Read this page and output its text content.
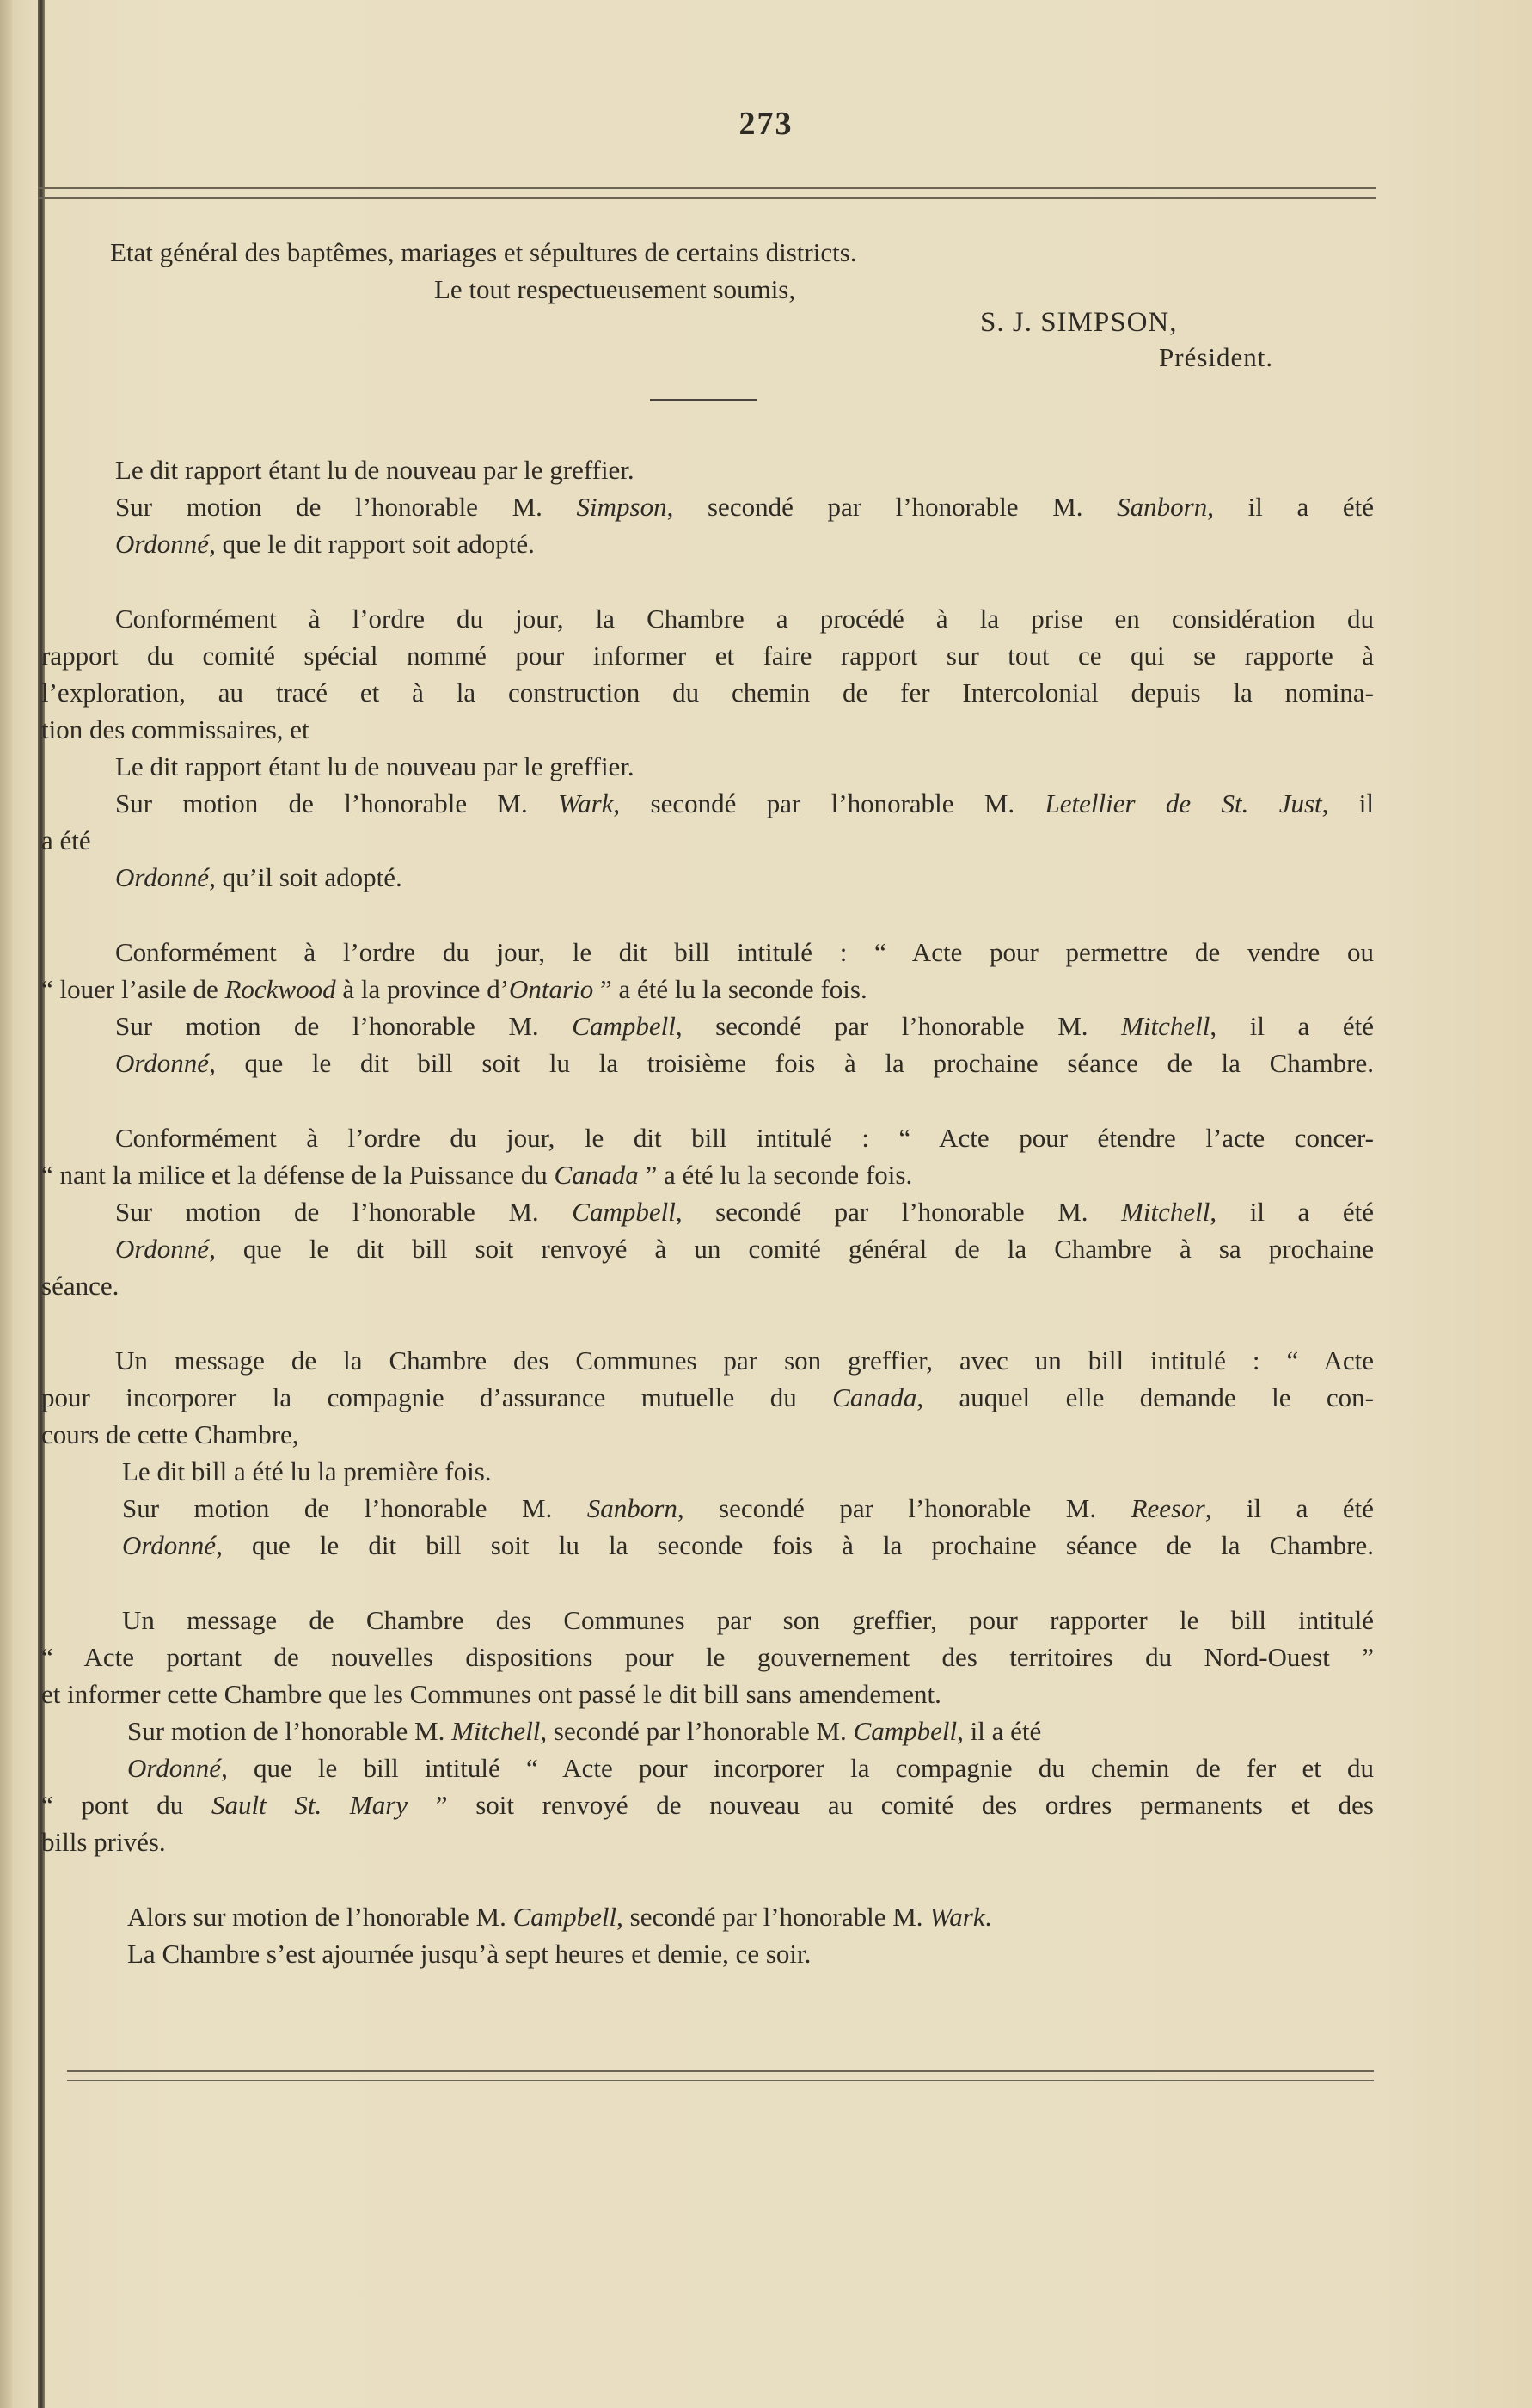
273
Etat général des baptêmes, mariages et sépultures de certains districts.
Le tout respectueusement soumis,
S. J. SIMPSON,
Président.

Le dit rapport étant lu de nouveau par le greffier.

Sur motion de l’honorable M. Simpson, secondé par l’honorable M. Sanborn, il a été

Ordonné, que le dit rapport soit adopté.

Conformément à l’ordre du jour, la Chambre a procédé à la prise en considération du

rapport du comité spécial nommé pour informer et faire rapport sur tout ce qui se rapporte à

l’exploration, au tracé et à la construction du chemin de fer Intercolonial depuis la nomina-

tion des commissaires, et

Le dit rapport étant lu de nouveau par le greffier.

Sur motion de l’honorable M. Wark, secondé par l’honorable M. Letellier de St. Just, il

a été

Ordonné, qu’il soit adopté.

Conformément à l’ordre du jour, le dit bill intitulé : “ Acte pour permettre de vendre ou

“ louer l’asile de Rockwood à la province d’Ontario ” a été lu la seconde fois.

Sur motion de l’honorable M. Campbell, secondé par l’honorable M. Mitchell, il a été

Ordonné, que le dit bill soit lu la troisième fois à la prochaine séance de la Chambre.

Conformément à l’ordre du jour, le dit bill intitulé : “ Acte pour étendre l’acte concer-

“ nant la milice et la défense de la Puissance du Canada ” a été lu la seconde fois.

Sur motion de l’honorable M. Campbell, secondé par l’honorable M. Mitchell, il a été

Ordonné, que le dit bill soit renvoyé à un comité général de la Chambre à sa prochaine

séance.

Un message de la Chambre des Communes par son greffier, avec un bill intitulé : “ Acte

pour incorporer la compagnie d’assurance mutuelle du Canada, auquel elle demande le con-

cours de cette Chambre,

Le dit bill a été lu la première fois.

Sur motion de l’honorable M. Sanborn, secondé par l’honorable M. Reesor, il a été

Ordonné, que le dit bill soit lu la seconde fois à la prochaine séance de la Chambre.

Un message de Chambre des Communes par son greffier, pour rapporter le bill intitulé

“ Acte portant de nouvelles dispositions pour le gouvernement des territoires du Nord-Ouest ”

et informer cette Chambre que les Communes ont passé le dit bill sans amendement.

Sur motion de l’honorable M. Mitchell, secondé par l’honorable M. Campbell, il a été

Ordonné, que le bill intitulé “ Acte pour incorporer la compagnie du chemin de fer et du

“ pont du Sault St. Mary ” soit renvoyé de nouveau au comité des ordres permanents et des

bills privés.

Alors sur motion de l’honorable M. Campbell, secondé par l’honorable M. Wark.

La Chambre s’est ajournée jusqu’à sept heures et demie, ce soir.
